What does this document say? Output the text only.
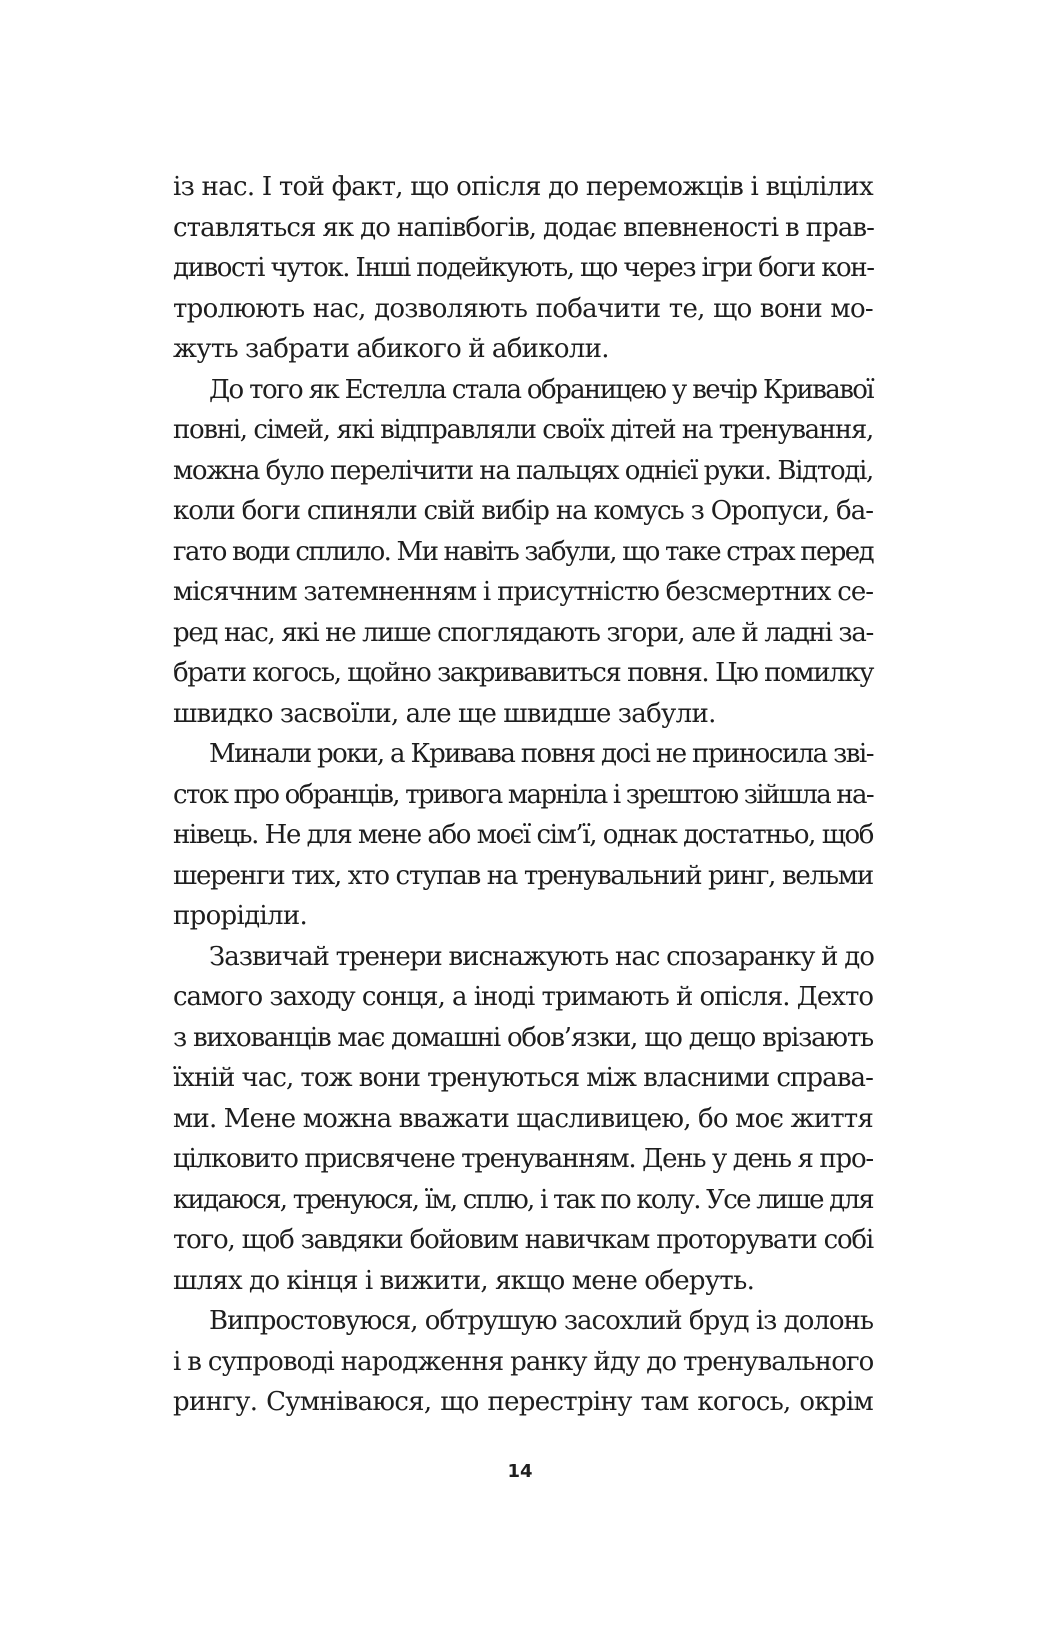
із нас. І той факт, що опісля до переможців і вцілілих
ставляться як до напівбогів, додає впевненості в прав-
дивості чуток. Інші подейкують, що через ігри боги кон-
тролюють нас, дозволяють побачити те, що вони мо-
жуть забрати абикого й абиколи.
До того як Естелла стала обраницею у вечір Кривавої
повні, сімей, які відправляли своїх дітей на тренування,
можна було перелічити на пальцях однієї руки. Відтоді,
коли боги спиняли свій вибір на комусь з Оропуси, ба-
гато води сплило. Ми навіть забули, що таке страх перед
місячним затемненням і присутністю безсмертних се-
ред нас, які не лише споглядають згори, але й ладні за-
брати когось, щойно закривавиться повня. Цю помилку
швидко засвоїли, але ще швидше забули.
Минали роки, а Кривава повня досі не приносила зві-
сток про обранців, тривога марніла і зрештою зійшла на-
нівець. Не для мене або моєї сім’ї, однак достатньо, щоб
шеренги тих, хто ступав на тренувальний ринг, вельми
проріділи.
Зазвичай тренери виснажують нас спозаранку й до
самого заходу сонця, а іноді тримають й опісля. Дехто
з вихованців має домашні обов’язки, що дещо врізають
їхній час, тож вони тренуються між власними справа-
ми. Мене можна вважати щасливицею, бо моє життя
цілковито присвячене тренуванням. День у день я про-
кидаюся, тренуюся, їм, сплю, і так по колу. Усе лише для
того, щоб завдяки бойовим навичкам проторувати собі
шлях до кінця і вижити, якщо мене оберуть.
Випростовуюся, обтрушую засохлий бруд із долонь
і в супроводі народження ранку йду до тренувального
рингу. Сумніваюся, що перестріну там когось, окрім
14
